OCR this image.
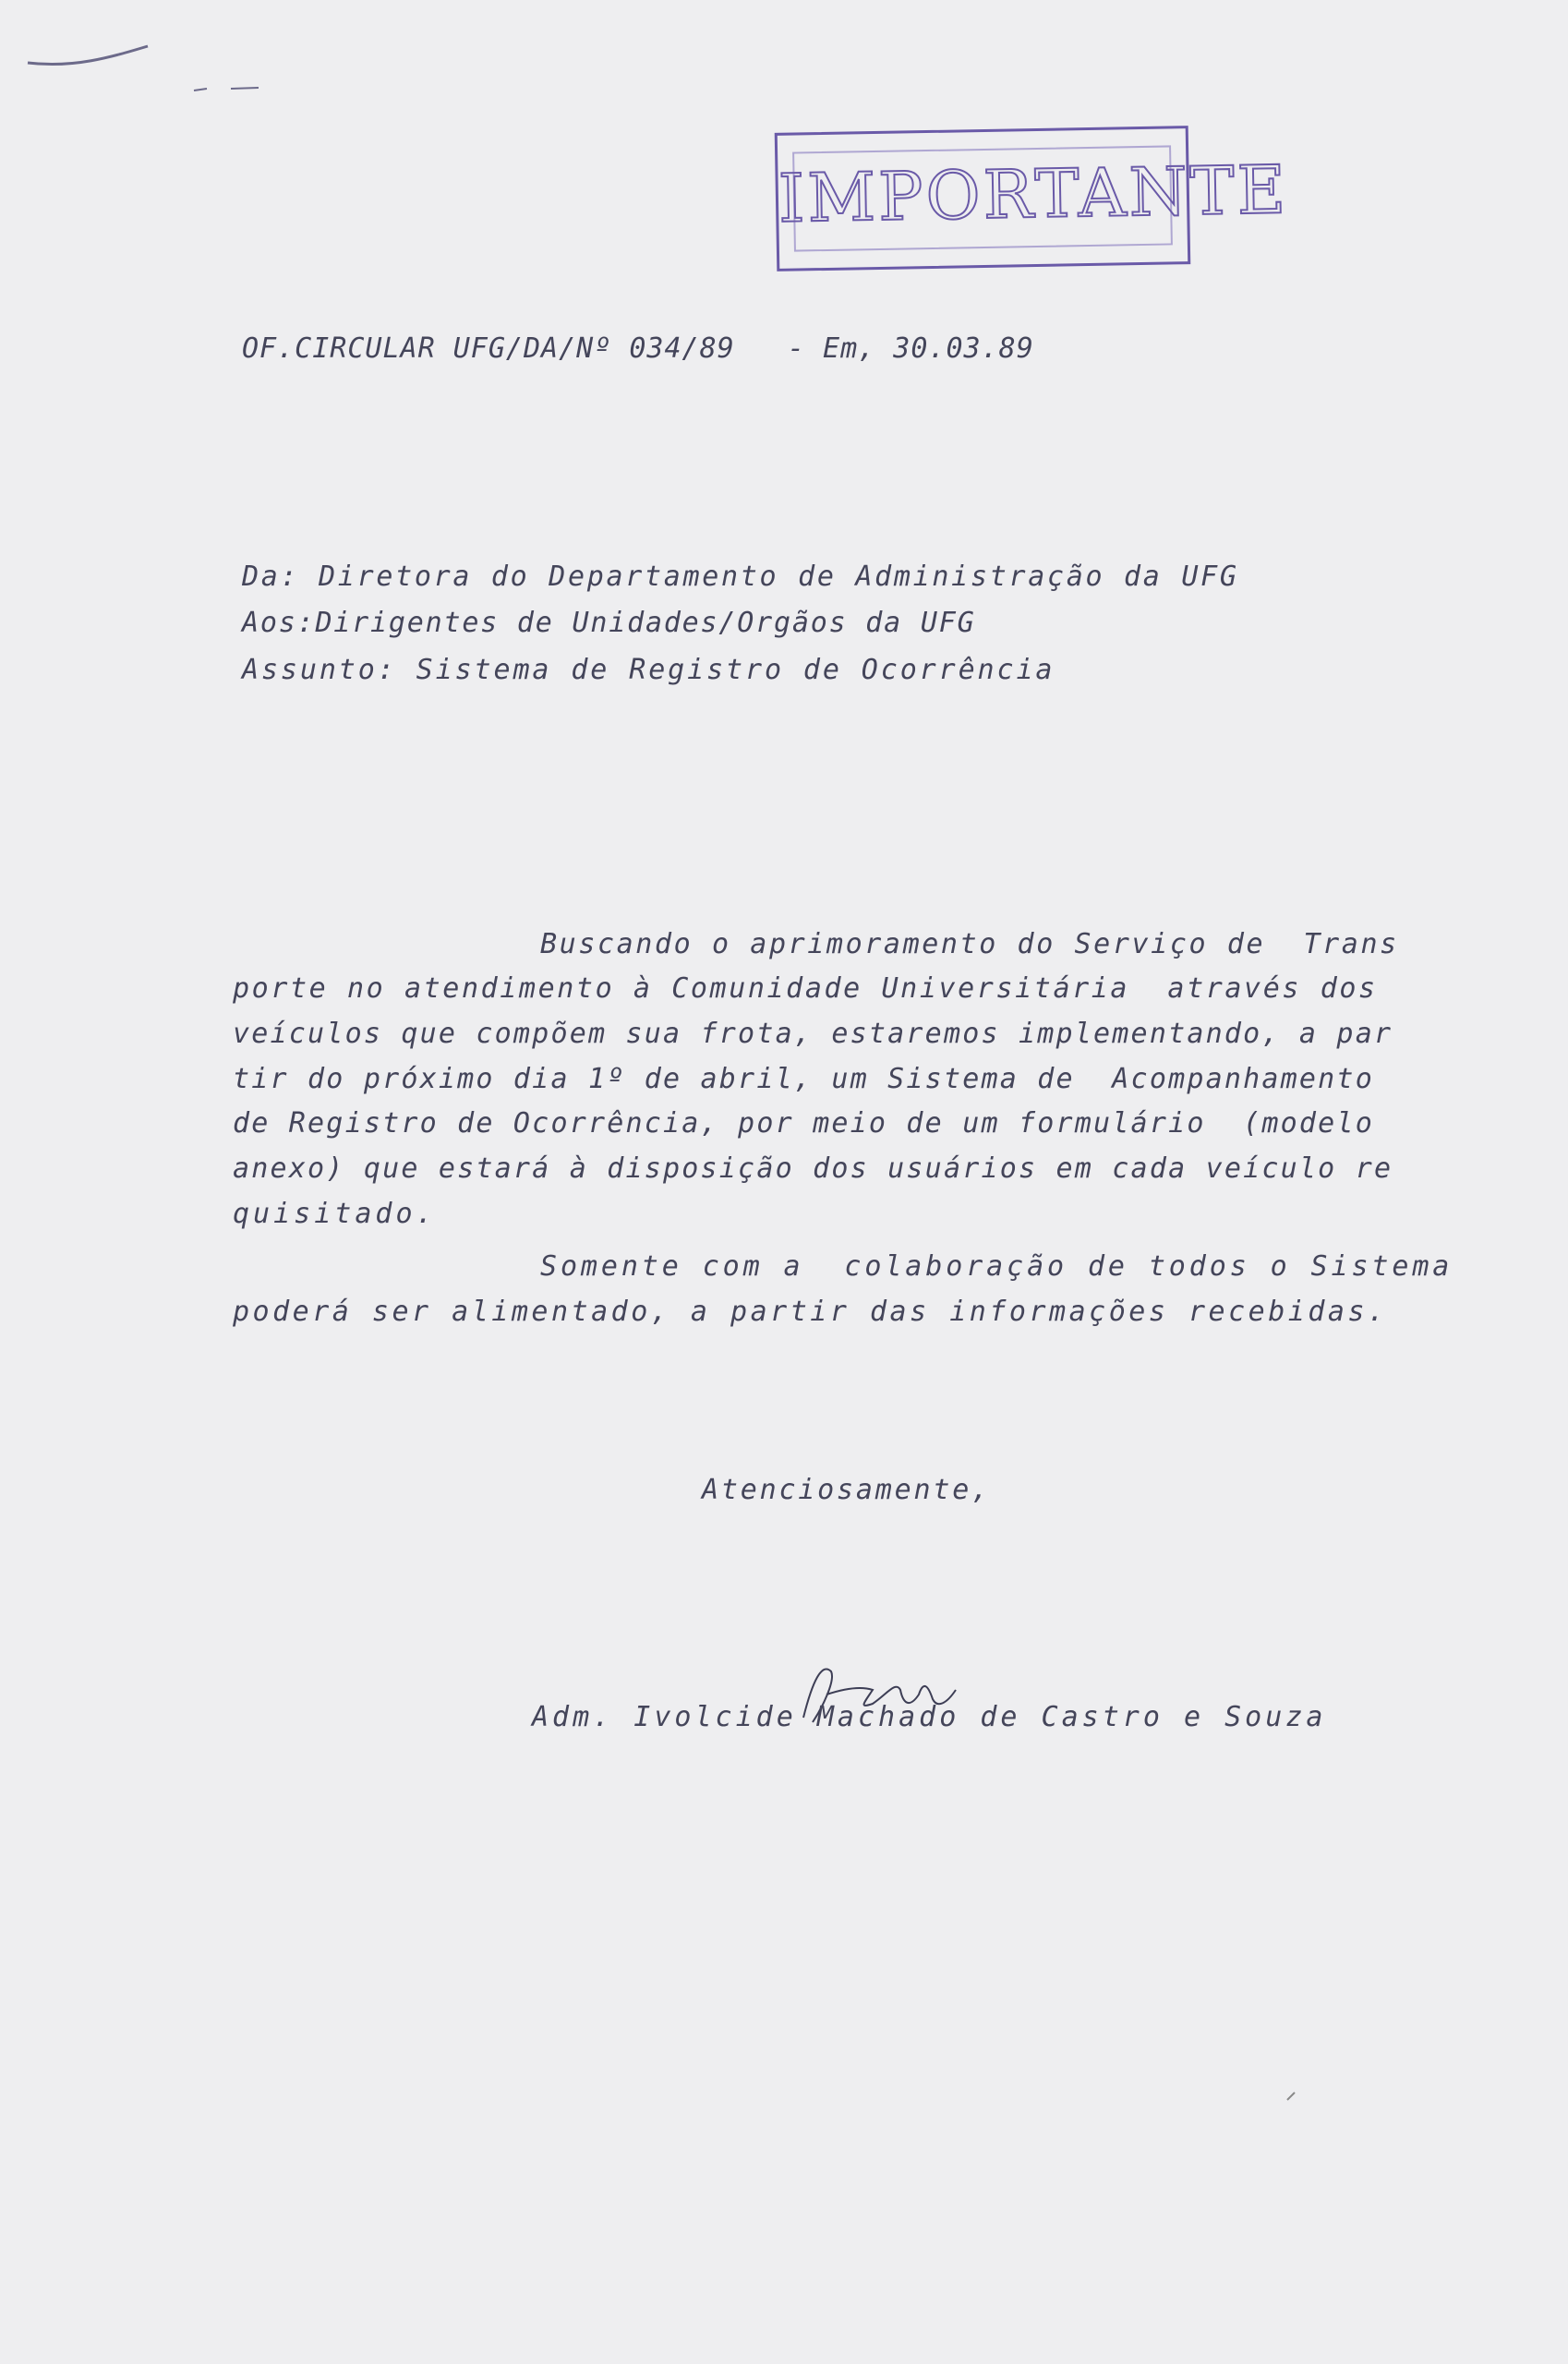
IMPORTANTE
OF.CIRCULAR UFG/DA/Nº 034/89   - Em, 30.03.89
Da: Diretora do Departamento de Administração da UFG
Aos:Dirigentes de Unidades/Orgãos da UFG
Assunto: Sistema de Registro de Ocorrência
Buscando o aprimoramento do Serviço de  Trans
porte no atendimento à Comunidade Universitária  através dos
veículos que compõem sua frota, estaremos implementando, a par
tir do próximo dia 1º de abril, um Sistema de  Acompanhamento
de Registro de Ocorrência, por meio de um formulário  (modelo
anexo) que estará à disposição dos usuários em cada veículo re
quisitado.
Somente com a  colaboração de todos o Sistema
poderá ser alimentado, a partir das informações recebidas.
Atenciosamente,
Adm. Ivolcide Machado de Castro e Souza
